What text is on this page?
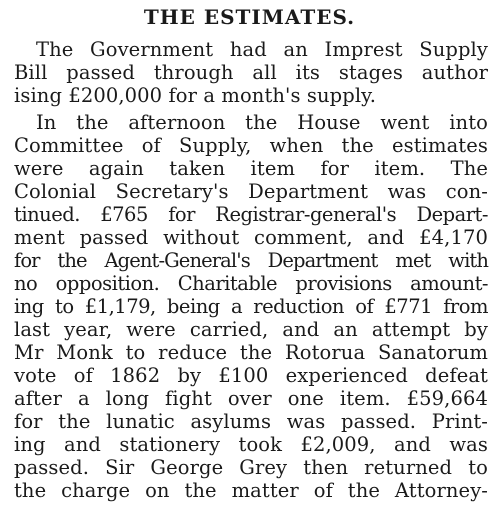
THE ESTIMATES.
The Government had an Imprest Supply
Bill passed through all its stages author
ising £200,000 for a month's supply.
In the afternoon the House went into
Committee of Supply, when the estimates
were again taken item for item. The
Colonial Secretary's Department was con-
tinued. £765 for Registrar-general's Depart-
ment passed without comment, and £4,170
for the Agent-General's Department met with
no opposition. Charitable provisions amount-
ing to £1,179, being a reduction of £771 from
last year, were carried, and an attempt by
Mr Monk to reduce the Rotorua Sanatorum
vote of 1862 by £100 experienced defeat
after a long fight over one item. £59,664
for the lunatic asylums was passed. Print-
ing and stationery took £2,009, and was
passed. Sir George Grey then returned to
the charge on the matter of the Attorney-
